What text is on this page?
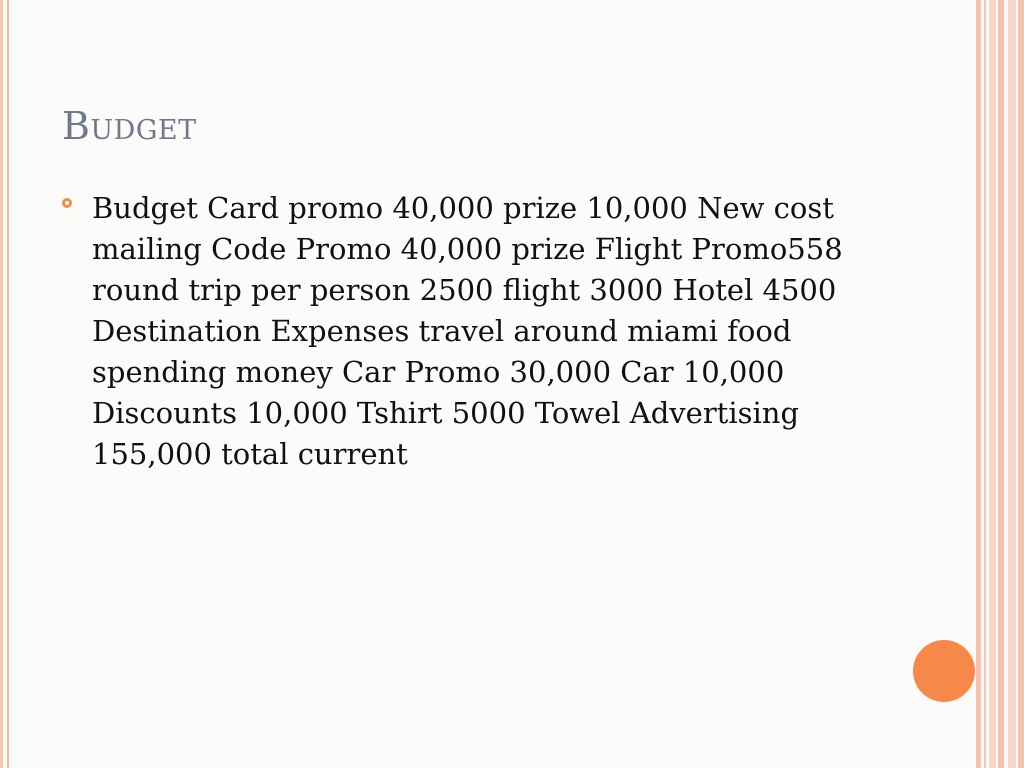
Budget
Budget Card promo 40,000 prize 10,000 New cost mailing Code Promo 40,000 prize Flight Promo558 round trip per person 2500 flight 3000 Hotel 4500 Destination Expenses travel around miami food spending money Car Promo 30,000 Car 10,000 Discounts 10,000 Tshirt 5000 Towel Advertising 155,000 total current
